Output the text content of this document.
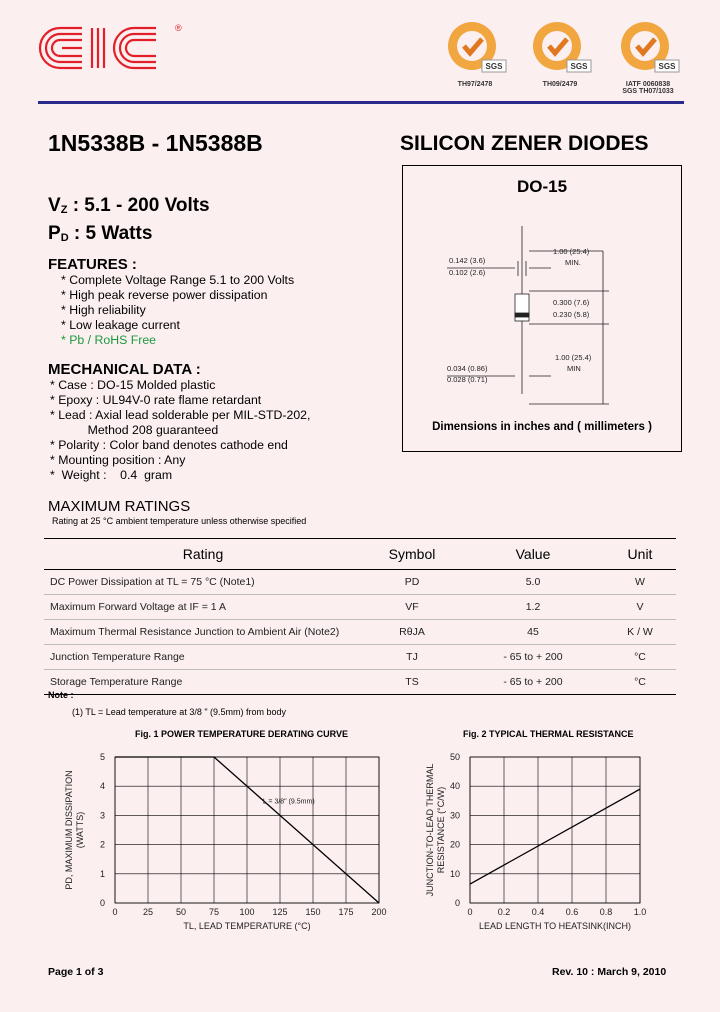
®
SGS
TH97/2478
SGS
TH09/2479
SGS
IATF 0060838
SGS TH07/1033
1N5338B - 1N5388B	SILICON ZENER DIODES
$V_Z$ : 5.1 - 200 Volts
$P_D$ : 5 Watts
FEATURES :
* Complete Voltage Range 5.1 to 200 Volts
* High peak reverse power dissipation
* High reliability
* Low leakage current
* Pb / RoHS Free
MECHANICAL DATA :
* Case : DO-15 Molded plastic
* Epoxy : UL94V-0 rate flame retardant
* Lead : Axial lead solderable per MIL-STD-202,
Method 208 guaranteed
* Polarity : Color band denotes cathode end
* Mounting position : Any
*  Weight :    0.4  gram
DO-15
0.142 (3.6)
0.102 (2.6)
1.00 (25.4)
MIN.
0.300 (7.6)
0.230 (5.8)
0.034 (0.86)
0.028 (0.71)
1.00 (25.4)
MIN
Dimensions in inches and ( millimeters )
MAXIMUM RATINGS
Rating at 25 °C ambient temperature unless otherwise specified
Rating	Symbol	Value	Unit
DC Power Dissipation at TL = 75 °C (Note1)	PD	5.0	W
Maximum Forward Voltage at IF = 1 A	VF	1.2	V
Maximum Thermal Resistance Junction to Ambient Air (Note2)	RθJA	45	K / W
Junction Temperature Range	TJ	- 65 to + 200	°C
Storage Temperature Range	TS	- 65 to + 200	°C
Note :
(1) TL = Lead temperature at 3/8 " (9.5mm) from body
Fig. 1 POWER TEMPERATURE DERATING CURVE	Fig. 2 TYPICAL THERMAL RESISTANCE
0	25	50	75 100 125 150 175 200
0
1
2
3
4
5
TL, LEAD TEMPERATURE (°C)
PD, MAXIMUM DISSIPATION (WATTS)
L = 3/8" (9.5mm)
0	0.2 0.4 0.6 0.8 1.0
0
10
20
30
40
50
LEAD LENGTH TO HEATSINK(INCH)
JUNCTION-TO-LEAD THERMAL RESISTANCE (°C/W)
Page 1 of 3	Rev. 10 : March 9, 2010
